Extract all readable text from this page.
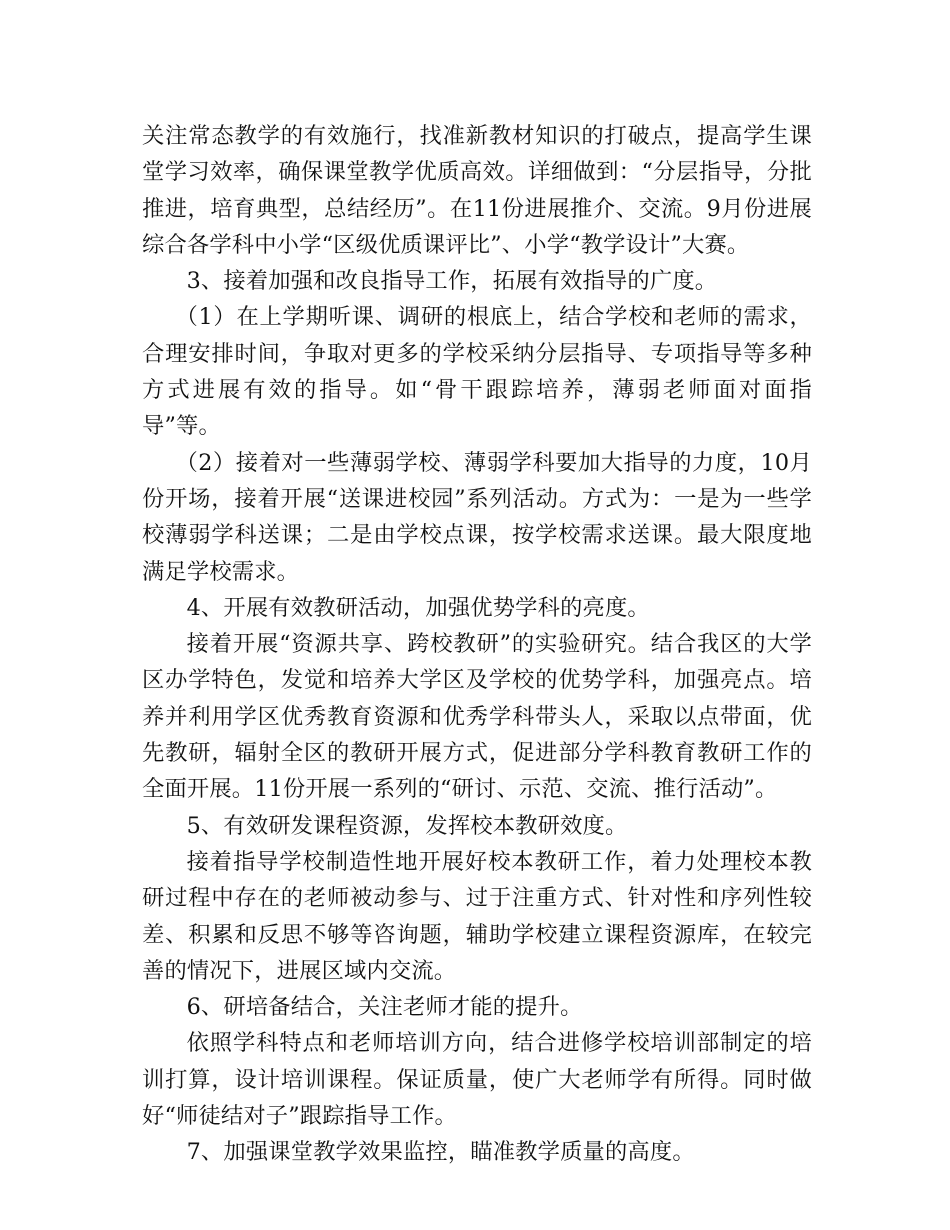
关注常态教学的有效施行，找准新教材知识的打破点，提高学生课堂学习效率，确保课堂教学优质高效。详细做到：“分层指导，分批推进，培育典型，总结经历”。在11份进展推介、交流。9月份进展综合各学科中小学“区级优质课评比”、小学“教学设计”大赛。

3、接着加强和改良指导工作，拓展有效指导的广度。

（1）在上学期听课、调研的根底上，结合学校和老师的需求，合理安排时间，争取对更多的学校采纳分层指导、专项指导等多种方式进展有效的指导。如“骨干跟踪培养，薄弱老师面对面指导”等。

（2）接着对一些薄弱学校、薄弱学科要加大指导的力度，10月份开场，接着开展“送课进校园”系列活动。方式为：一是为一些学校薄弱学科送课；二是由学校点课，按学校需求送课。最大限度地满足学校需求。

4、开展有效教研活动，加强优势学科的亮度。

接着开展“资源共享、跨校教研”的实验研究。结合我区的大学区办学特色，发觉和培养大学区及学校的优势学科，加强亮点。培养并利用学区优秀教育资源和优秀学科带头人，采取以点带面，优先教研，辐射全区的教研开展方式，促进部分学科教育教研工作的全面开展。11份开展一系列的“研讨、示范、交流、推行活动”。

5、有效研发课程资源，发挥校本教研效度。

接着指导学校制造性地开展好校本教研工作，着力处理校本教研过程中存在的老师被动参与、过于注重方式、针对性和序列性较差、积累和反思不够等咨询题，辅助学校建立课程资源库，在较完善的情况下，进展区域内交流。

6、研培备结合，关注老师才能的提升。

依照学科特点和老师培训方向，结合进修学校培训部制定的培训打算，设计培训课程。保证质量，使广大老师学有所得。同时做好“师徒结对子”跟踪指导工作。

7、加强课堂教学效果监控，瞄准教学质量的高度。
